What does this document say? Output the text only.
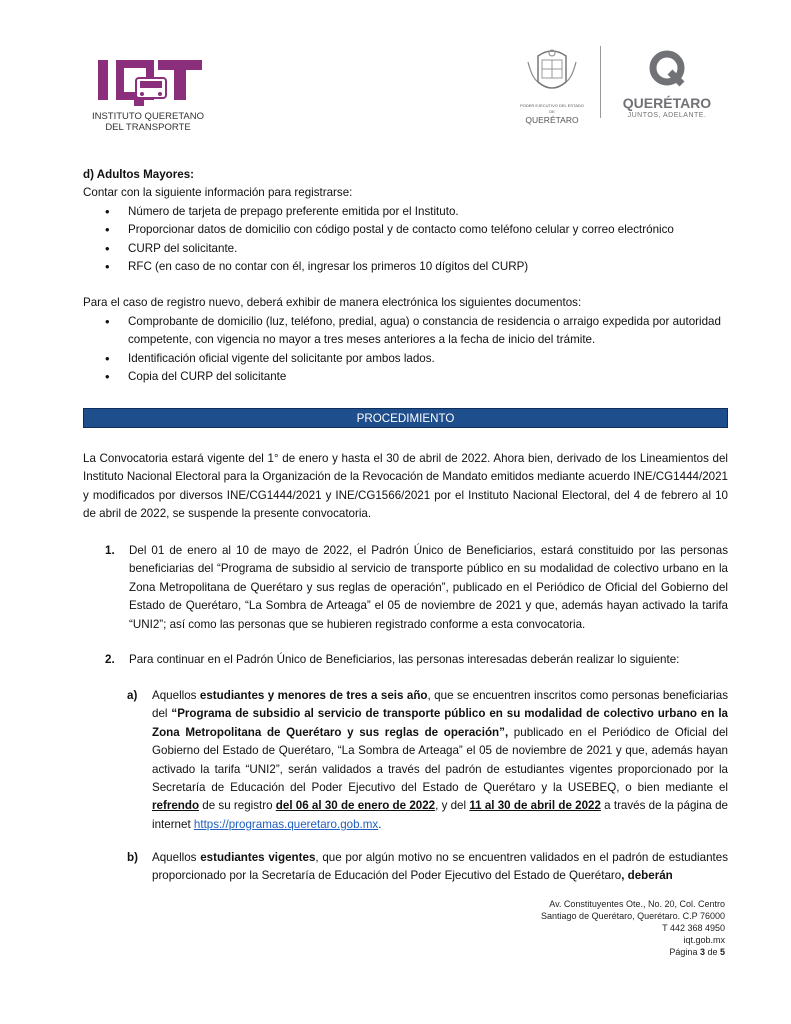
INSTITUTO QUERETANO
DEL TRANSPORTE
PODER EJECUTIVO DEL ESTADO DE
QUERÉTARO
QUERÉTARO
JUNTOS, ADELANTE.
d) Adultos Mayores:
Contar con la siguiente información para registrarse:
• Número de tarjeta de prepago preferente emitida por el Instituto.
• Proporcionar datos de domicilio con código postal y de contacto como teléfono celular y correo electrónico
• CURP del solicitante.
• RFC (en caso de no contar con él, ingresar los primeros 10 dígitos del CURP)
Para el caso de registro nuevo, deberá exhibir de manera electrónica los siguientes documentos:
• Comprobante de domicilio (luz, teléfono, predial, agua) o constancia de residencia o arraigo expedida por autoridad competente, con vigencia no mayor a tres meses anteriores a la fecha de inicio del trámite.
• Identificación oficial vigente del solicitante por ambos lados.
• Copia del CURP del solicitante
PROCEDIMIENTO
La Convocatoria estará vigente del 1° de enero y hasta el 30 de abril de 2022. Ahora bien, derivado de los Lineamientos del Instituto Nacional Electoral para la Organización de la Revocación de Mandato emitidos mediante acuerdo INE/CG1444/2021 y modificados por diversos INE/CG1444/2021 y INE/CG1566/2021 por el Instituto Nacional Electoral, del 4 de febrero al 10 de abril de 2022, se suspende la presente convocatoria.
1. Del 01 de enero al 10 de mayo de 2022, el Padrón Único de Beneficiarios, estará constituido por las personas beneficiarias del “Programa de subsidio al servicio de transporte público en su modalidad de colectivo urbano en la Zona Metropolitana de Querétaro y sus reglas de operación”, publicado en el Periódico de Oficial del Gobierno del Estado de Querétaro, “La Sombra de Arteaga” el 05 de noviembre de 2021 y que, además hayan activado la tarifa “UNI2”; así como las personas que se hubieren registrado conforme a esta convocatoria.
2. Para continuar en el Padrón Único de Beneficiarios, las personas interesadas deberán realizar lo siguiente:
a) Aquellos estudiantes y menores de tres a seis año, que se encuentren inscritos como personas beneficiarias del “Programa de subsidio al servicio de transporte público en su modalidad de colectivo urbano en la Zona Metropolitana de Querétaro y sus reglas de operación”, publicado en el Periódico de Oficial del Gobierno del Estado de Querétaro, “La Sombra de Arteaga” el 05 de noviembre de 2021 y que, además hayan activado la tarifa “UNI2”, serán validados a través del padrón de estudiantes vigentes proporcionado por la Secretaría de Educación del Poder Ejecutivo del Estado de Querétaro y la USEBEQ, o bien mediante el refrendo de su registro del 06 al 30 de enero de 2022, y del 11 al 30 de abril de 2022 a través de la página de internet https://programas.queretaro.gob.mx.
b) Aquellos estudiantes vigentes, que por algún motivo no se encuentren validados en el padrón de estudiantes proporcionado por la Secretaría de Educación del Poder Ejecutivo del Estado de Querétaro, deberán
Av. Constituyentes Ote., No. 20, Col. Centro
Santiago de Querétaro, Querétaro. C.P 76000
T 442 368 4950
iqt.gob.mx
Página 3 de 5
